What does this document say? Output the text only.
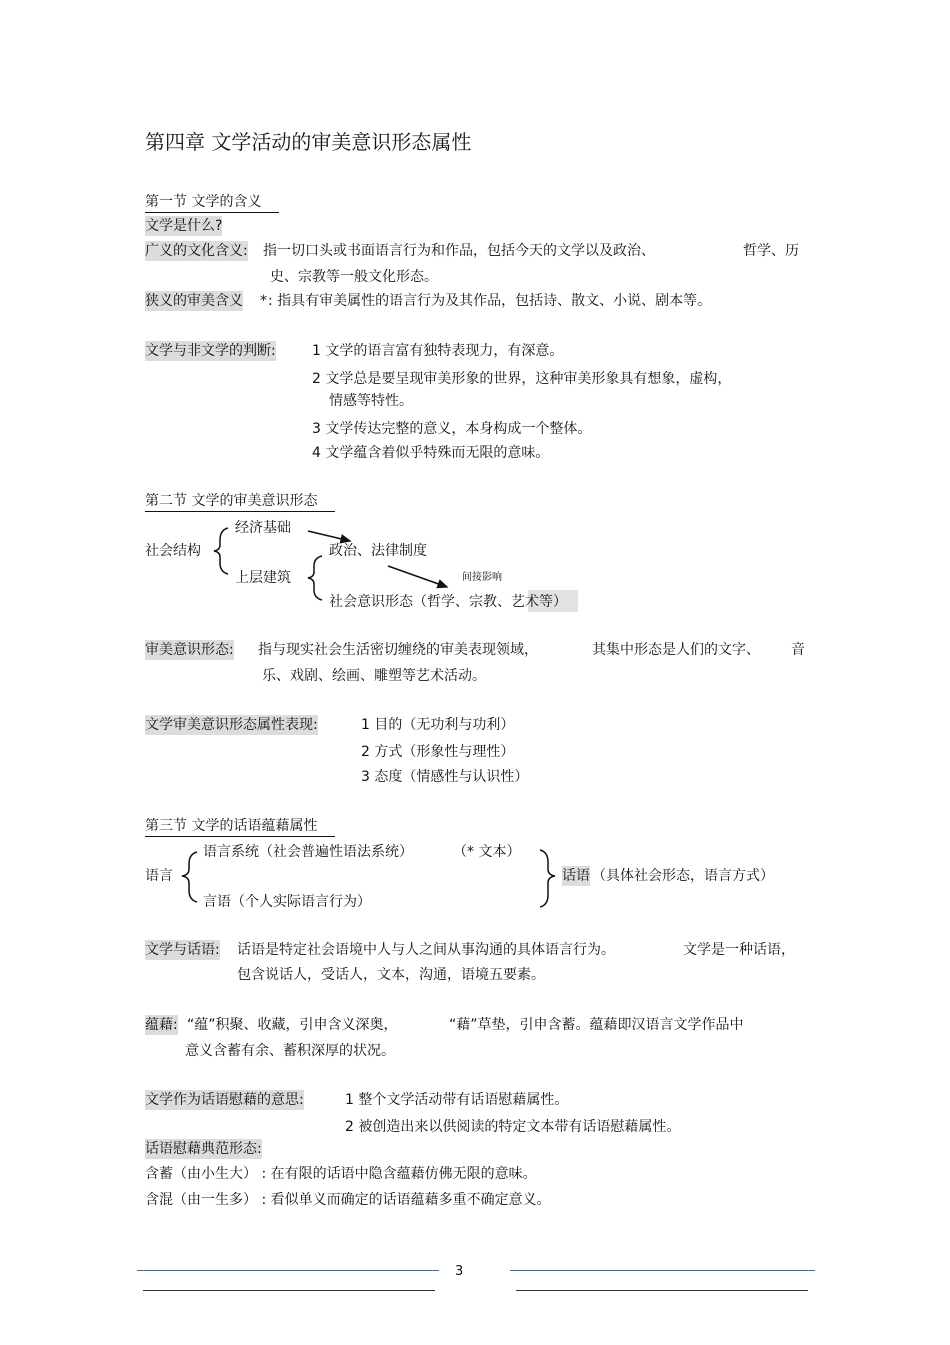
第四章 文学活动的审美意识形态属性
第一节 文学的含义
文学是什么?
广义的文化含义: 指一切口头或书面语言行为和作品，包括今天的文学以及政治、	哲学、历
史、宗教等一般文化形态。
狭义的审美含义 * : 指具有审美属性的语言行为及其作品，包括诗、散文、小说、剧本等。
文学与非文学的判断:	1 文学的语言富有独特表现力，有深意。
2 文学总是要呈现审美形象的世界，这种审美形象具有想象，虚构，
情感等特性。
3 文学传达完整的意义，本身构成一个整体。
4 文学蕴含着似乎特殊而无限的意味。
第二节 文学的审美意识形态
社会结构
经济基础
上层建筑
政治、法律制度
间接影响
社会意识形态（哲学、宗教、艺术等）
审美意识形态: 指与现实社会生活密切缠绕的审美表现领域，	其集中形态是人们的文字、 音
乐、戏剧、绘画、雕塑等艺术活动。
文学审美意识形态属性表现:	1 目的（无功利与功利）
2 方式（形象性与理性）
3 态度（情感性与认识性）
第三节 文学的话语蕴藉属性
语言
语言系统（社会普遍性语法系统）	（* 文本）
言语（个人实际语言行为）
话语 （具体社会形态，语言方式）
文学与话语: 话语是特定社会语境中人与人之间从事沟通的具体语言行为。	文学是一种话语，
包含说话人，受话人，文本，沟通，语境五要素。
蕴藉: “蕴”积聚、收藏，引申含义深奥，	“藉”草垫，引申含蓄。蕴藉即汉语言文学作品中
意义含蓄有余、蓄积深厚的状况。
文学作为话语慰藉的意思:	1 整个文学活动带有话语慰藉属性。
2 被创造出来以供阅读的特定文本带有话语慰藉属性。
话语慰藉典范形态:
含蓄（由小生大） : 在有限的话语中隐含蕴藉仿佛无限的意味。
含混（由一生多） : 看似单义而确定的话语蕴藉多重不确定意义。
3
